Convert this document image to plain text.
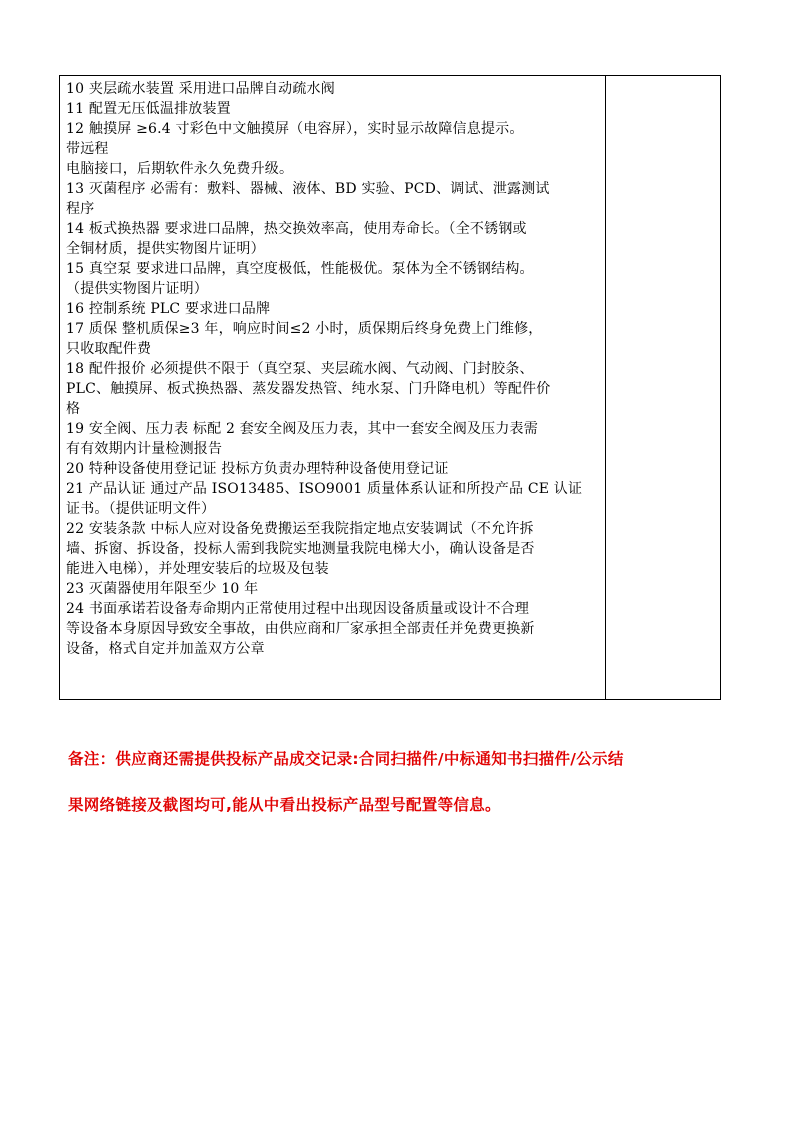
10 夹层疏水装置 采用进口品牌自动疏水阀
11 配置无压低温排放装置
12 触摸屏 ≥6.4 寸彩色中文触摸屏（电容屏），实时显示故障信息提示。
带远程
电脑接口，后期软件永久免费升级。
13 灭菌程序 必需有：敷料、器械、液体、BD 实验、PCD、调试、泄露测试
程序
14 板式换热器 要求进口品牌，热交换效率高，使用寿命长。（全不锈钢或
全铜材质，提供实物图片证明）
15 真空泵 要求进口品牌，真空度极低，性能极优。泵体为全不锈钢结构。
（提供实物图片证明）
16 控制系统 PLC 要求进口品牌
17 质保 整机质保≥3 年，响应时间≤2 小时，质保期后终身免费上门维修，
只收取配件费
18 配件报价 必须提供不限于（真空泵、夹层疏水阀、气动阀、门封胶条、
PLC、触摸屏、板式换热器、蒸发器发热管、纯水泵、门升降电机）等配件价
格
19 安全阀、压力表 标配 2 套安全阀及压力表，其中一套安全阀及压力表需
有有效期内计量检测报告
20 特种设备使用登记证 投标方负责办理特种设备使用登记证
21 产品认证 通过产品 ISO13485、ISO9001 质量体系认证和所投产品 CE 认证
证书。（提供证明文件）
22 安装条款 中标人应对设备免费搬运至我院指定地点安装调试（不允许拆
墙、拆窗、拆设备，投标人需到我院实地测量我院电梯大小，确认设备是否
能进入电梯），并处理安装后的垃圾及包装
23 灭菌器使用年限至少 10 年
24 书面承诺若设备寿命期内正常使用过程中出现因设备质量或设计不合理
等设备本身原因导致安全事故，由供应商和厂家承担全部责任并免费更换新
设备，格式自定并加盖双方公章

备注：供应商还需提供投标产品成交记录:合同扫描件/中标通知书扫描件/公示结
果网络链接及截图均可,能从中看出投标产品型号配置等信息。
